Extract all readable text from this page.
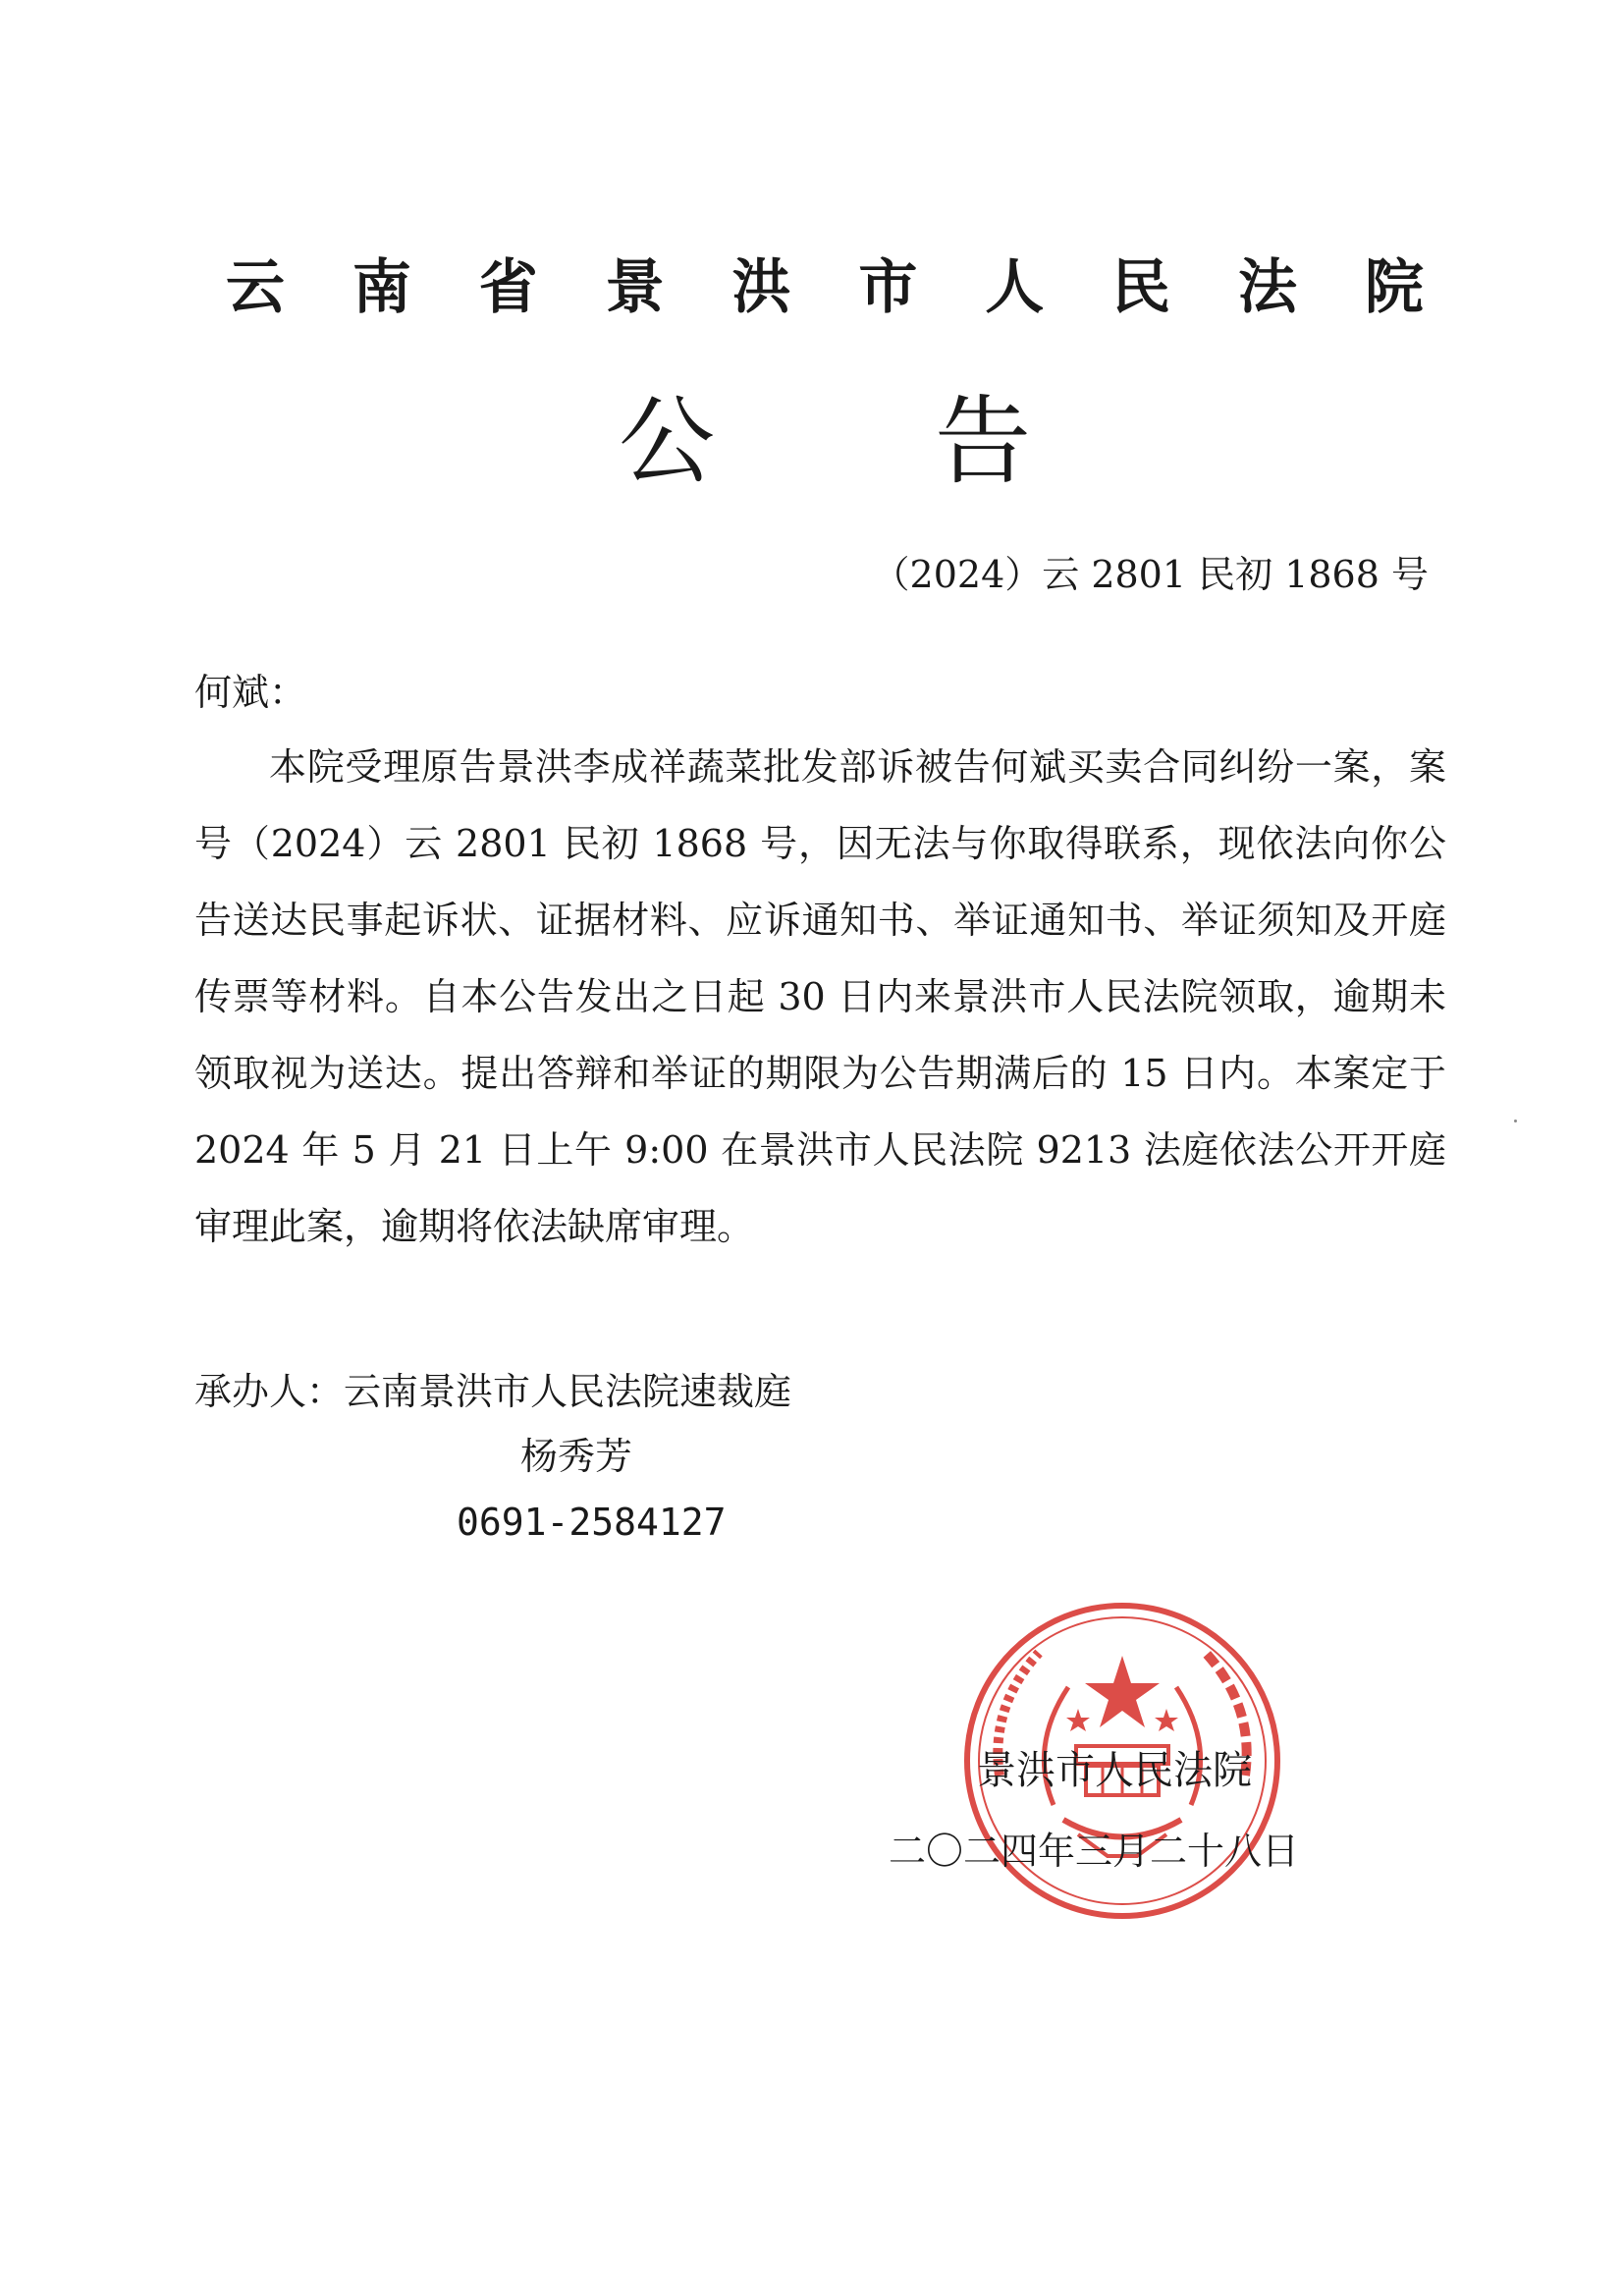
云 南 省 景 洪 市 人 民 法 院
公 告
（2024）云 2801 民初 1868 号
何斌：
本院受理原告景洪李成祥蔬菜批发部诉被告何斌买卖合同纠纷一案，案号（2024）云 2801 民初 1868 号，因无法与你取得联系，现依法向你公告送达民事起诉状、证据材料、应诉通知书、举证通知书、举证须知及开庭传票等材料。自本公告发出之日起 30 日内来景洪市人民法院领取，逾期未领取视为送达。提出答辩和举证的期限为公告期满后的 15 日内。本案定于 2024 年 5 月 21 日上午 9:00 在景洪市人民法院 9213 法庭依法公开开庭审理此案，逾期将依法缺席审理。
承办人：云南景洪市人民法院速裁庭
杨秀芳
0691-2584127
景洪市人民法院
二〇二四年三月二十八日
